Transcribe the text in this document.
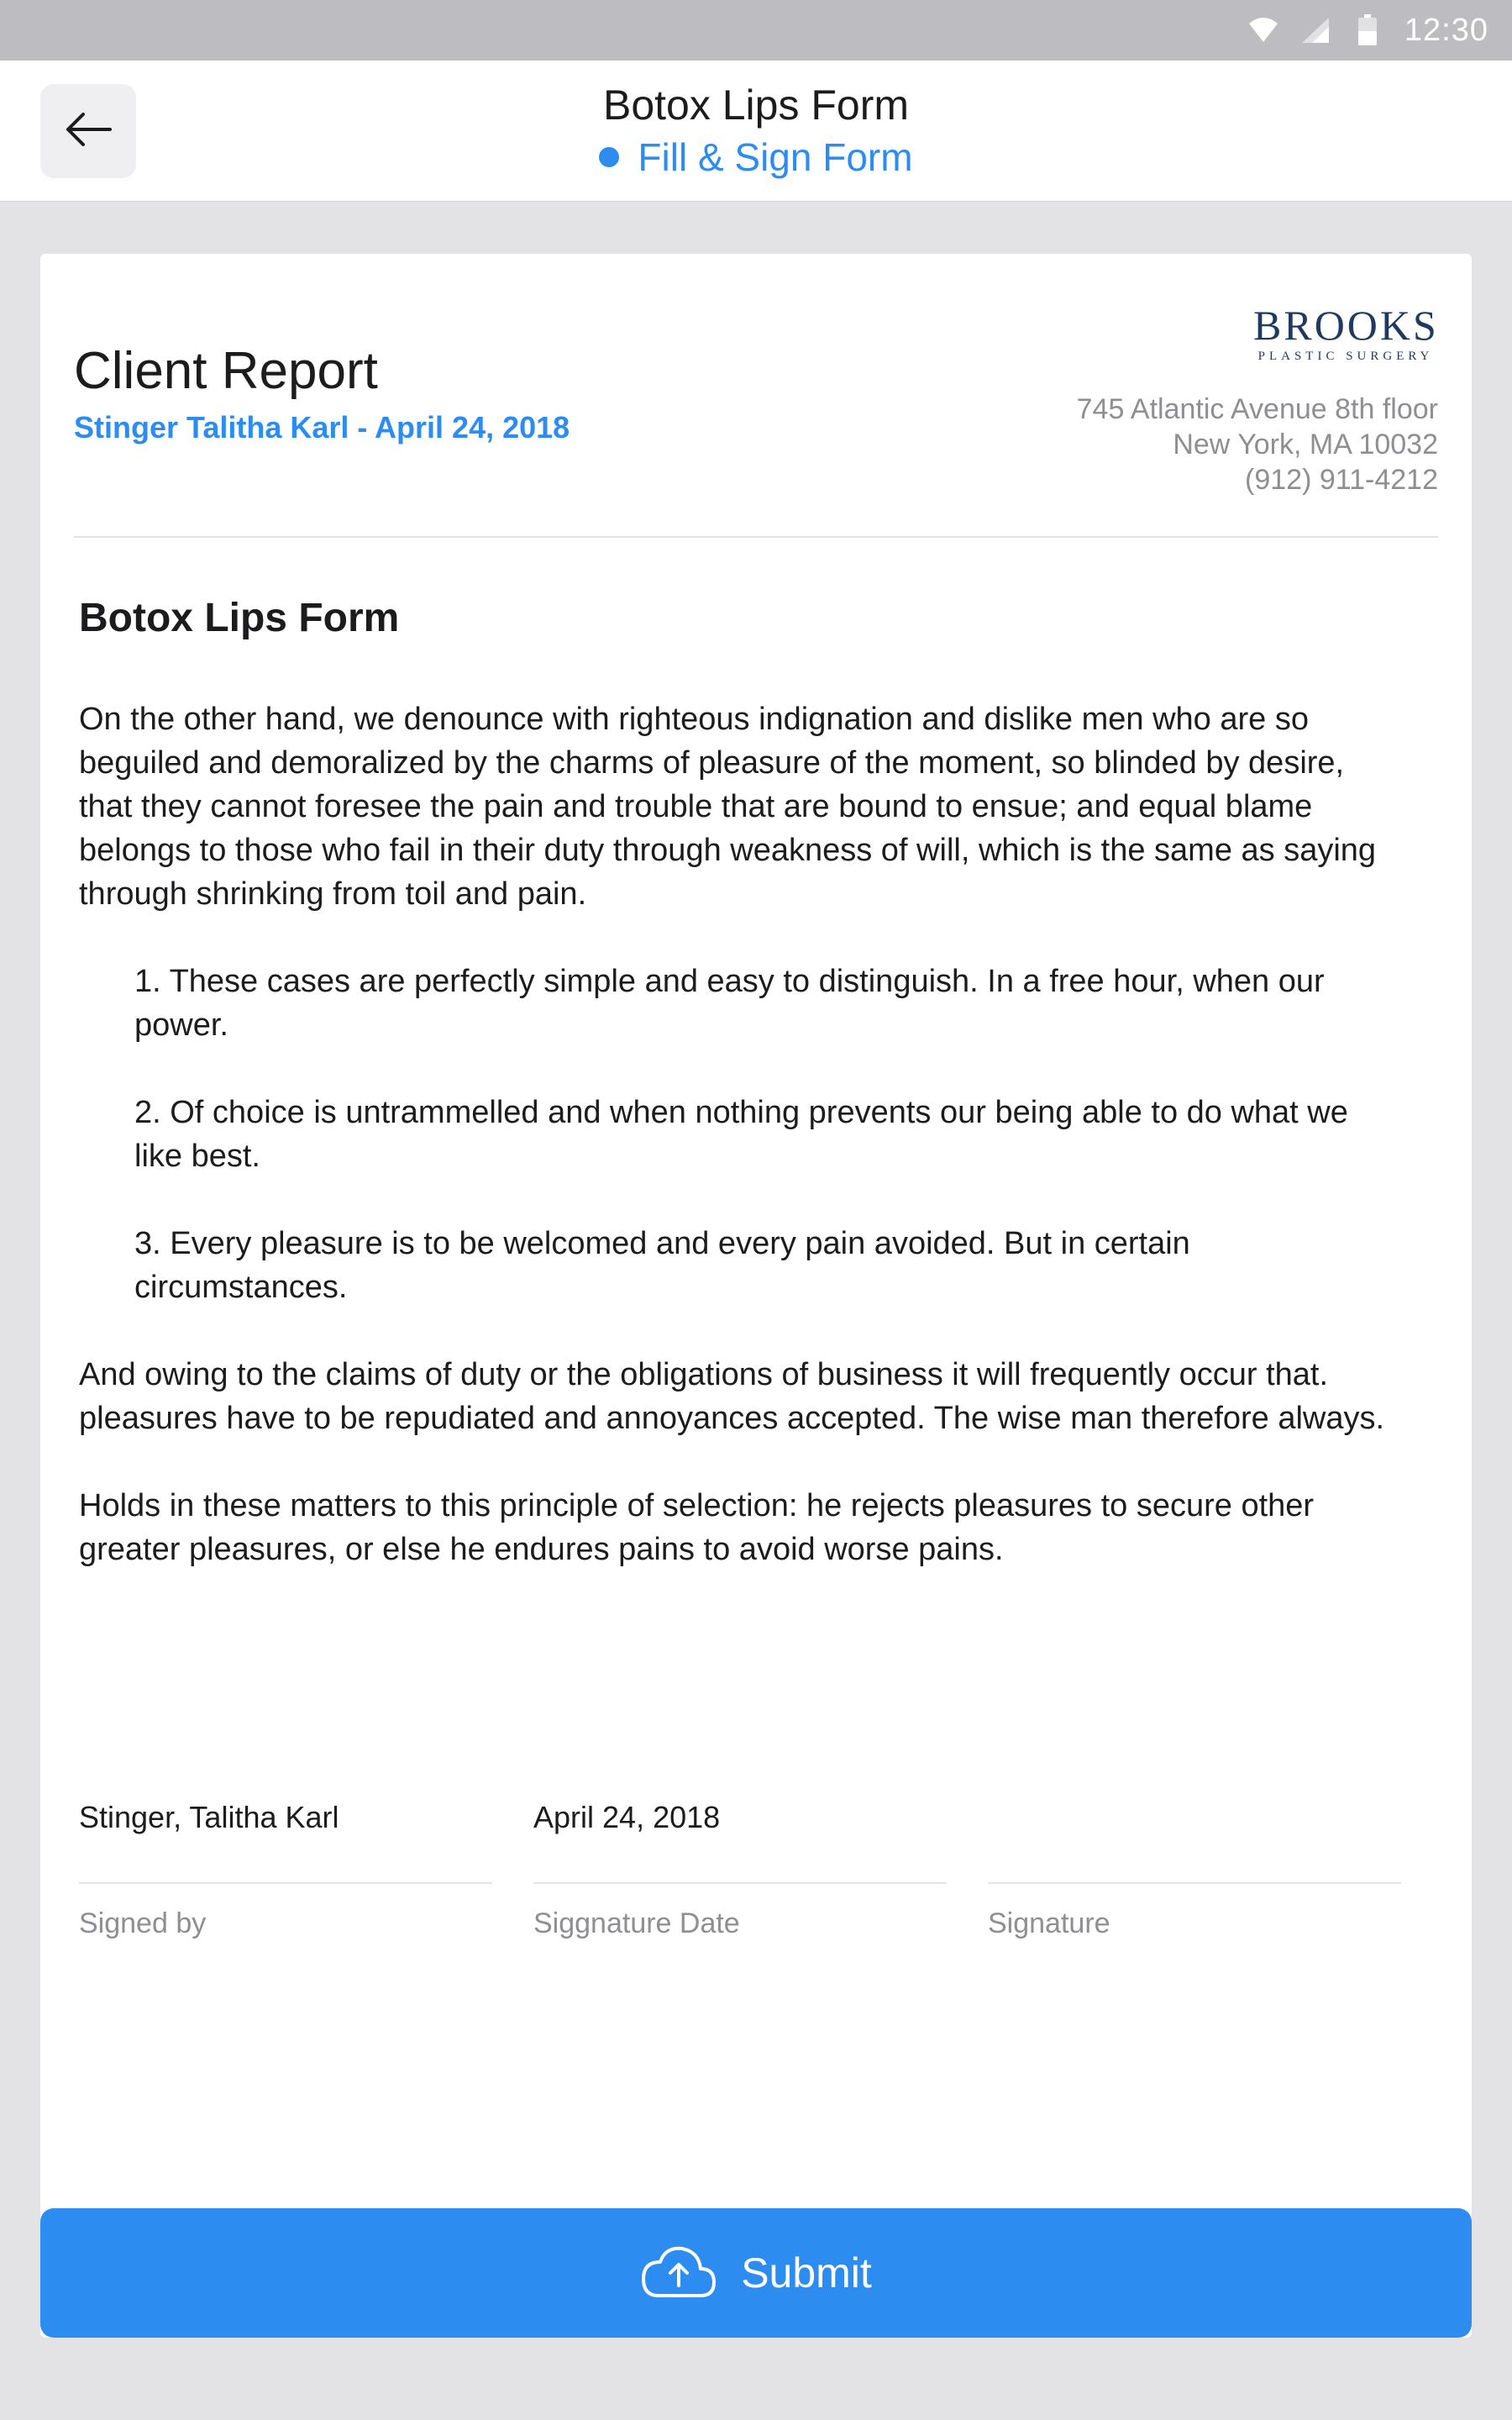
12:30
Botox Lips Form
Fill & Sign Form
Client Report
Stinger Talitha Karl - April 24, 2018
BROOKS
PLASTIC SURGERY
745 Atlantic Avenue 8th floor
New York, MA 10032
(912) 911-4212
Botox Lips Form

On the other hand, we denounce with righteous indignation and dislike men who are so beguiled and demoralized by the charms of pleasure of the moment, so blinded by desire,
that they cannot foresee the pain and trouble that are bound to ensue; and equal blame belongs to those who fail in their duty through weakness of will, which is the same as saying
through shrinking from toil and pain.

1. These cases are perfectly simple and easy to distinguish. In a free hour, when our power.

2. Of choice is untrammelled and when nothing prevents our being able to do what we like best.

3. Every pleasure is to be welcomed and every pain avoided. But in certain circumstances.

And owing to the claims of duty or the obligations of business it will frequently occur that. pleasures have to be repudiated and annoyances accepted. The wise man therefore always.

Holds in these matters to this principle of selection: he rejects pleasures to secure other greater pleasures, or else he endures pains to avoid worse pains.

Stinger, Talitha Karl
Signed by
April 24, 2018
Siggnature Date	Signature
Submit
